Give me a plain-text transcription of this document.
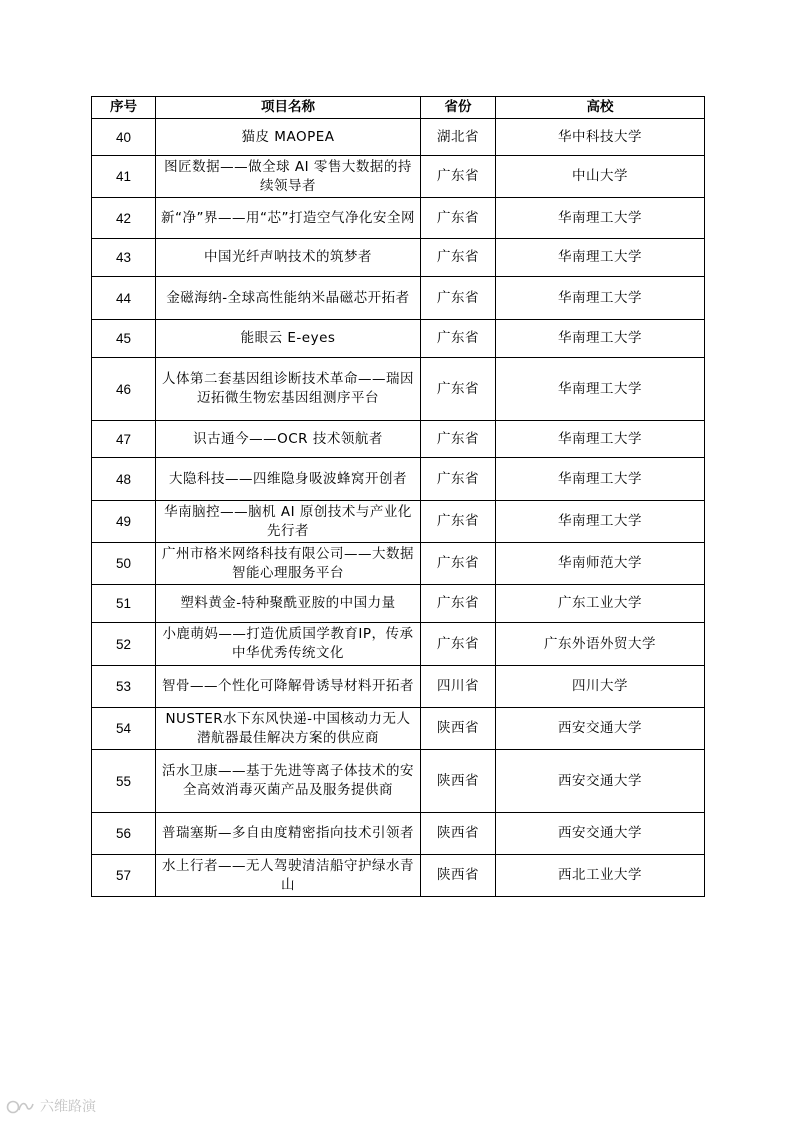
序号	项目名称	省份	高校
40	猫皮 MAOPEA	湖北省	华中科技大学
41	图匠数据——做全球 AI 零售大数据的持续领导者	广东省	中山大学
42	新“净”界——用“芯”打造空气净化安全网	广东省	华南理工大学
43	中国光纤声呐技术的筑梦者	广东省	华南理工大学
44	金磁海纳-全球高性能纳米晶磁芯开拓者	广东省	华南理工大学
45	能眼云 E-eyes	广东省	华南理工大学
46	人体第二套基因组诊断技术革命——瑞因迈拓微生物宏基因组测序平台	广东省	华南理工大学
47	识古通今——OCR 技术领航者	广东省	华南理工大学
48	大隐科技——四维隐身吸波蜂窝开创者	广东省	华南理工大学
49	华南脑控——脑机 AI 原创技术与产业化先行者	广东省	华南理工大学
50	广州市格米网络科技有限公司——大数据智能心理服务平台	广东省	华南师范大学
51	塑料黄金-特种聚酰亚胺的中国力量	广东省	广东工业大学
52	小鹿萌妈——打造优质国学教育IP，传承中华优秀传统文化	广东省	广东外语外贸大学
53	智骨——个性化可降解骨诱导材料开拓者	四川省	四川大学
54	NUSTER水下东风快递-中国核动力无人潜航器最佳解决方案的供应商	陕西省	西安交通大学
55	活水卫康——基于先进等离子体技术的安全高效消毒灭菌产品及服务提供商	陕西省	西安交通大学
56	普瑞塞斯—多自由度精密指向技术引领者	陕西省	西安交通大学
57	水上行者——无人驾驶清洁船守护绿水青山	陕西省	西北工业大学
六维路演
